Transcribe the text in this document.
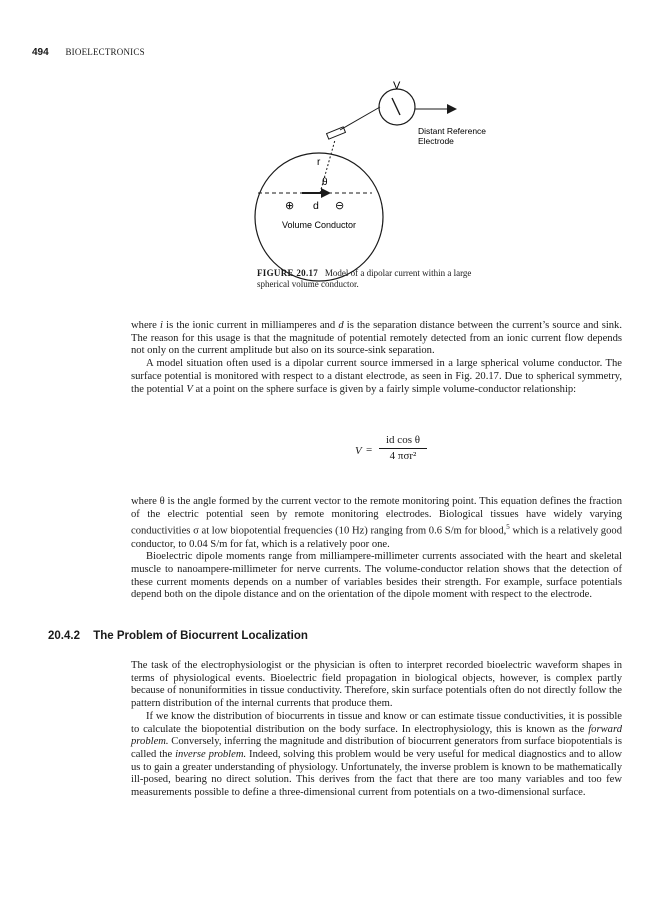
494 BIOELECTRONICS
V
Distant Reference
Electrode
r
θ
⊕ d ⊖
Volume Conductor
FIGURE 20.17 Model of a dipolar current within a large
spherical volume conductor.

where i is the ionic current in milliamperes and d is the separation distance between the current’s source and sink. The reason for this usage is that the magnitude of potential remotely detected from an ionic current flow depends not only on the current amplitude but also on its source-sink separation.

A model situation often used is a dipolar current source immersed in a large spherical volume conductor. The surface potential is monitored with respect to a distant electrode, as seen in Fig. 20.17. Due to spherical symmetry, the potential V at a point on the sphere surface is given by a fairly simple volume-conductor relationship:

V =
id cos θ
4 πσr²

where θ is the angle formed by the current vector to the remote monitoring point. This equation defines the fraction of the electric potential seen by remote monitoring electrodes. Biological tissues have widely varying conductivities σ at low biopotential frequencies (10 Hz) ranging from 0.6 S/m for blood,$^5$ which is a relatively good conductor, to 0.04 S/m for fat, which is a relatively poor one.

Bioelectric dipole moments range from milliampere-millimeter currents associated with the heart and skeletal muscle to nanoampere-millimeter for nerve currents. The volume-conductor relation shows that the detection of these current moments depends on a number of variables besides their strength. For example, surface potentials depend both on the dipole distance and on the orientation of the dipole moment with respect to the electrode.

20.4.2 The Problem of Biocurrent Localization

The task of the electrophysiologist or the physician is often to interpret recorded bioelectric waveform shapes in terms of physiological events. Bioelectric field propagation in biological objects, however, is complex partly because of nonuniformities in tissue conductivity. Therefore, skin surface potentials often do not directly follow the pattern distribution of the internal currents that produce them.

If we know the distribution of biocurrents in tissue and know or can estimate tissue conductivities, it is possible to calculate the biopotential distribution on the body surface. In electrophysiology, this is known as the forward problem. Conversely, inferring the magnitude and distribution of biocurrent generators from surface biopotentials is called the inverse problem. Indeed, solving this problem would be very useful for medical diagnostics and to allow us to gain a greater understanding of physiology. Unfortunately, the inverse problem is known to be mathematically ill-posed, bearing no direct solution. This derives from the fact that there are too many variables and too few measurements possible to define a three-dimensional current from potentials on a two-dimensional surface.
